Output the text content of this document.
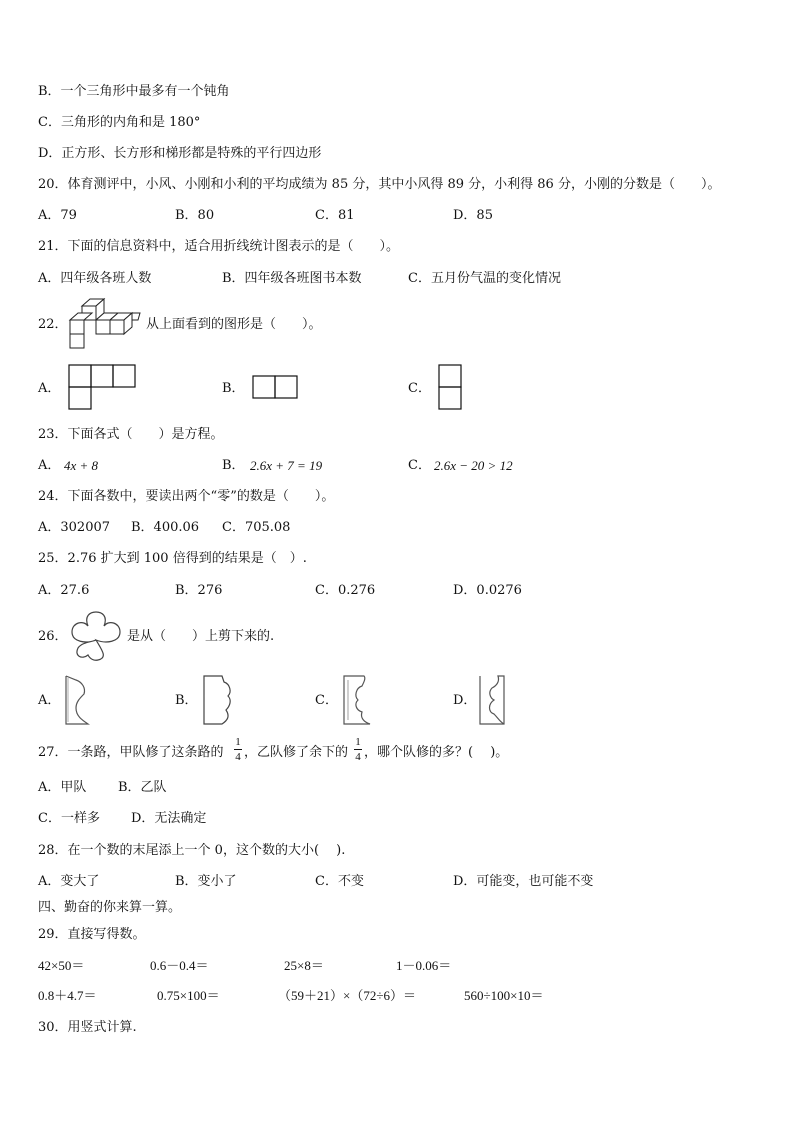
B．一个三角形中最多有一个钝角
C．三角形的内角和是 180°
D．正方形、长方形和梯形都是特殊的平行四边形
20．体育测评中，小风、小刚和小利的平均成绩为 85 分，其中小风得 89 分，小利得 86 分，小刚的分数是（　　）。
A．79	B．80	C．81	D．85
21．下面的信息资料中，适合用折线统计图表示的是（　　）。
A．四年级各班人数	B．四年级各班图书本数	C．五月份气温的变化情况
22．	从上面看到的图形是（　　）。
A．	B．	C．
23．下面各式（　　）是方程。
A． 4x + 8	B． 2.6x + 7 = 19	C． 2.6x − 20 > 12
24．下面各数中，要读出两个“零”的数是（　　）。
A．302007 B．400.06 C．705.08
25．2.76 扩大到 100 倍得到的结果是（　）.
A．27.6	B．276	C．0.276	D．0.0276
26．	是从（　　）上剪下来的.
A．	B．	C．	D．
27．一条路，甲队修了这条路的
1
4 ，乙队修了余下的
1
4 ，哪个队修的多？(　 )。
A．甲队 B．乙队
C．一样多 D．无法确定
28．在一个数的末尾添上一个 0，这个数的大小(　 ).
A．变大了	B．变小了	C．不变	D．可能变，也可能不变
四、勤奋的你来算一算。
29．直接写得数。
42×50＝	0.6－0.4＝	25×8＝	1－0.06＝
0.8＋4.7＝	0.75×100＝	（59＋21）×（72÷6）＝	560÷100×10＝
30．用竖式计算.
